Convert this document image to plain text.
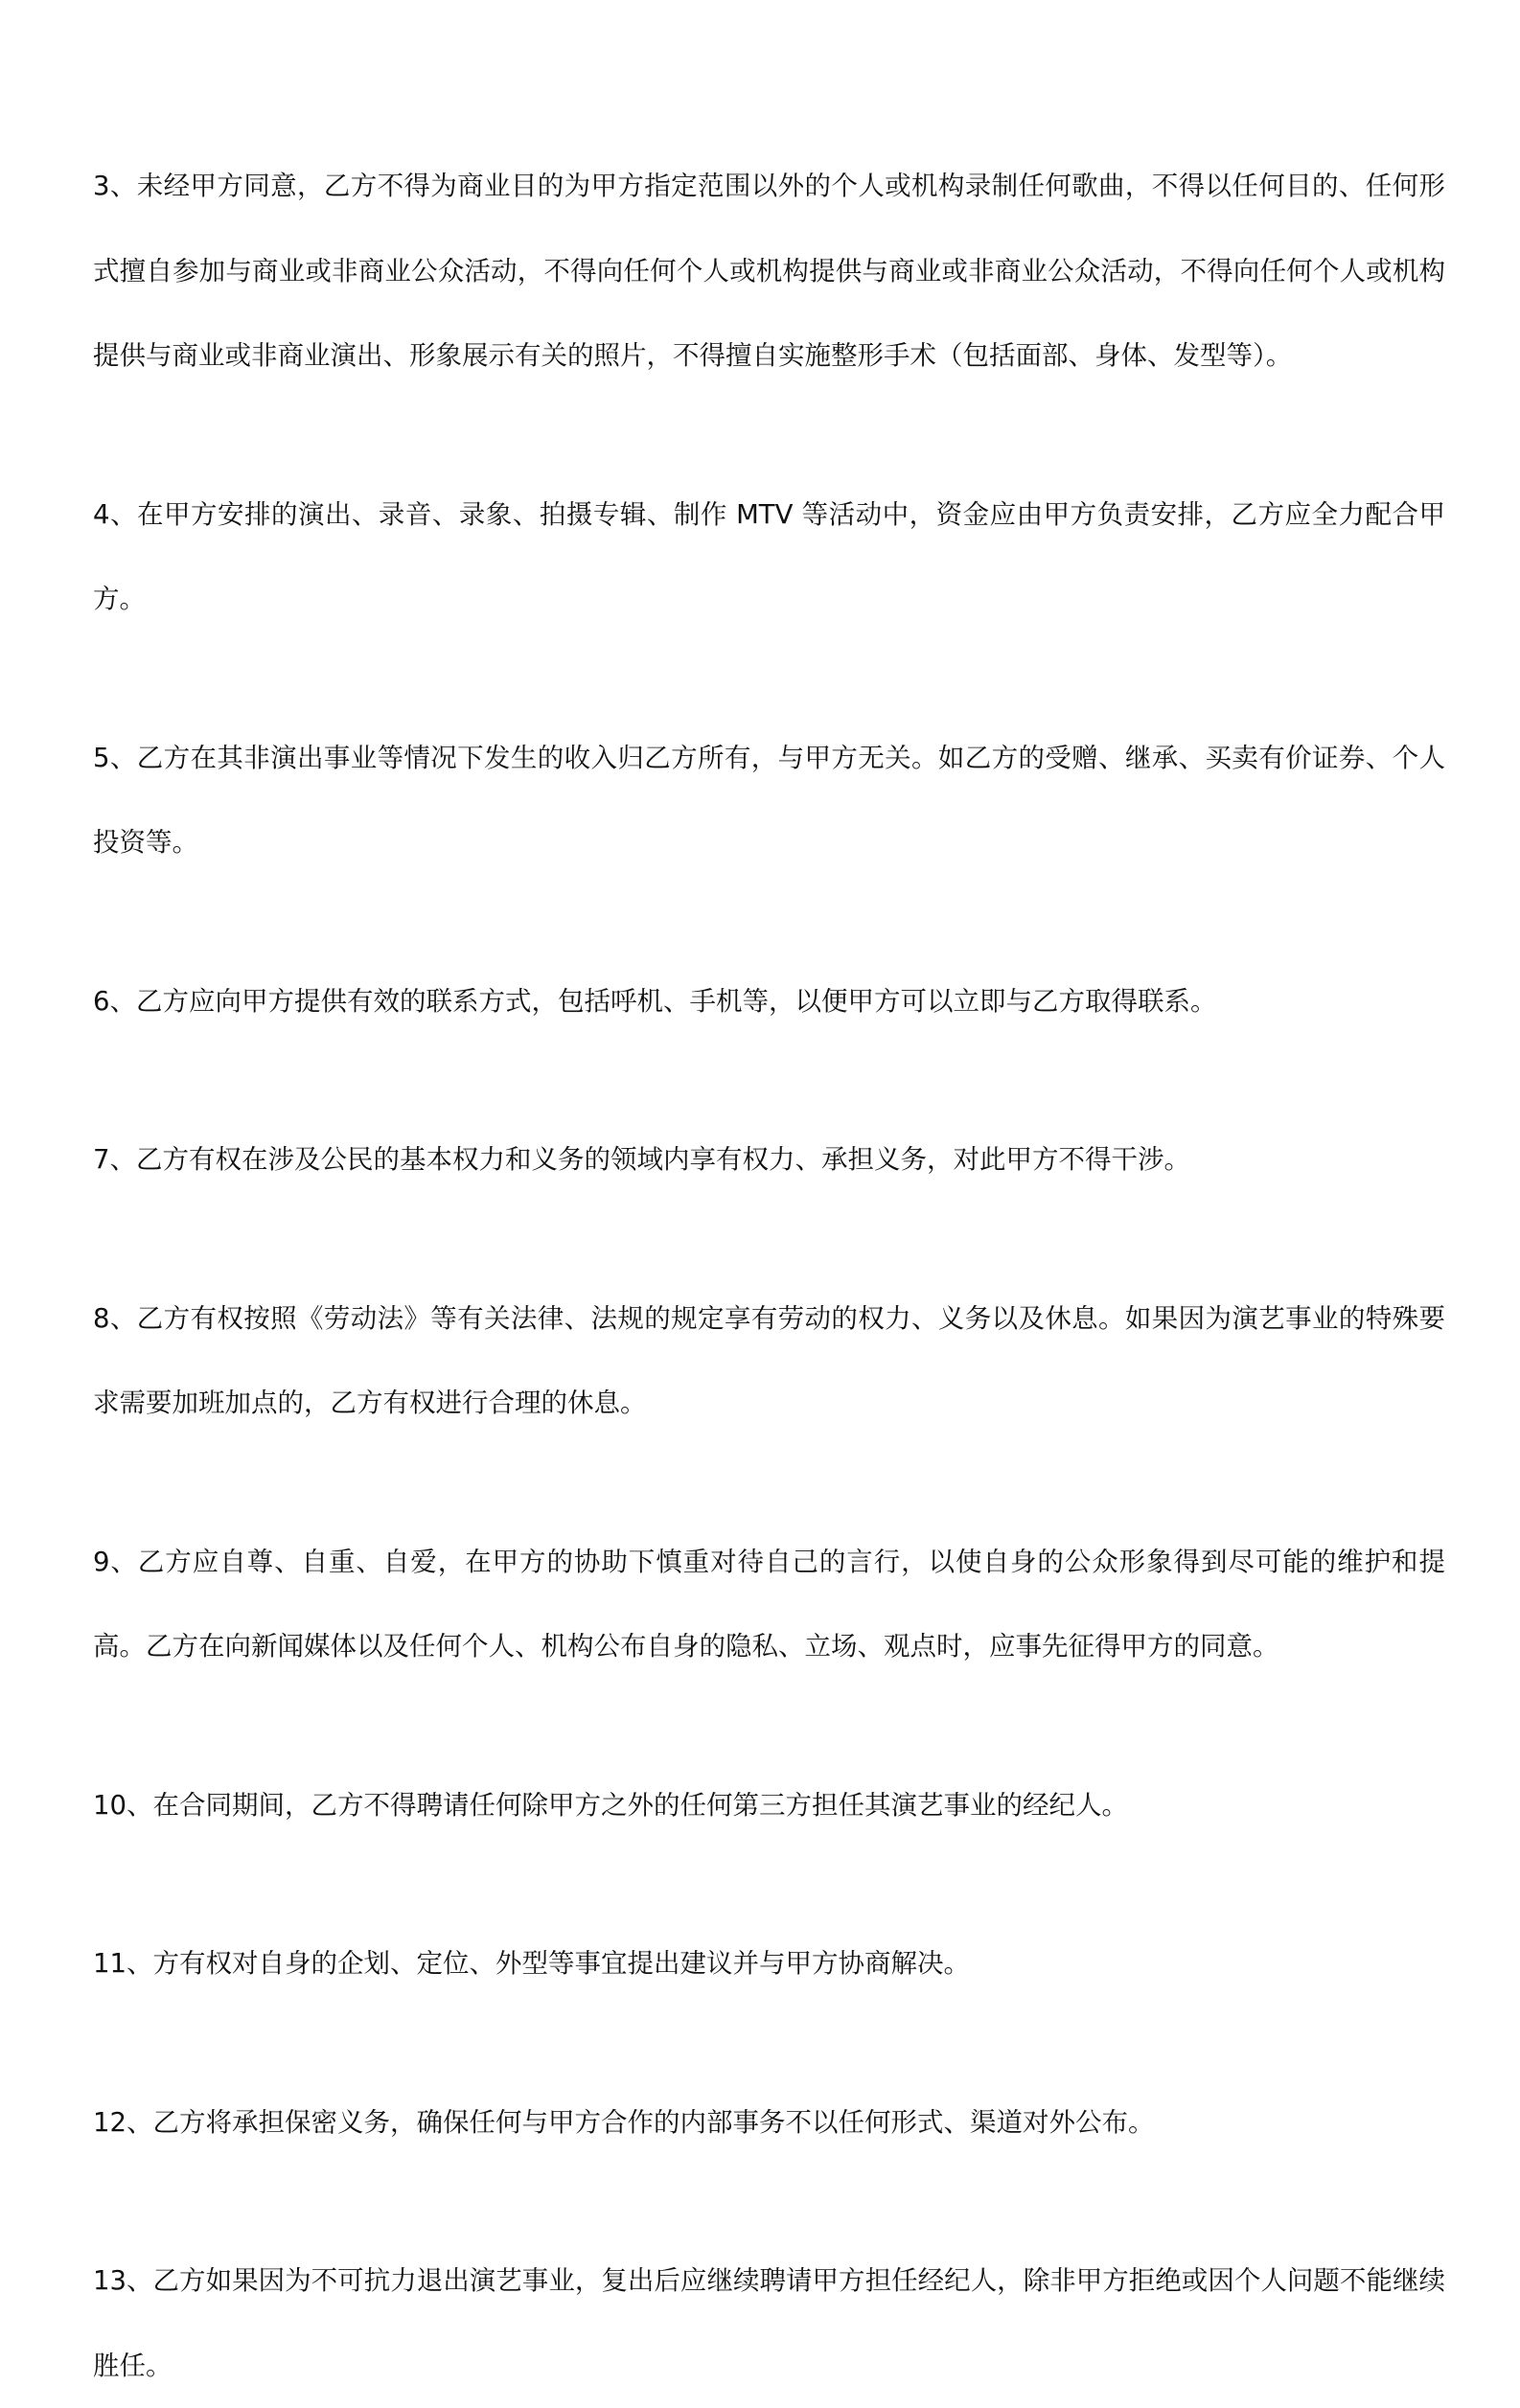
3、未经甲方同意，乙方不得为商业目的为甲方指定范围以外的个人或机构录制任何歌曲，不得以任何目的、任何形式擅自参加与商业或非商业公众活动，不得向任何个人或机构提供与商业或非商业公众活动，不得向任何个人或机构提供与商业或非商业演出、形象展示有关的照片，不得擅自实施整形手术（包括面部、身体、发型等）。

4、在甲方安排的演出、录音、录象、拍摄专辑、制作 MTV 等活动中，资金应由甲方负责安排，乙方应全力配合甲方。

5、乙方在其非演出事业等情况下发生的收入归乙方所有，与甲方无关。如乙方的受赠、继承、买卖有价证券、个人投资等。

6、乙方应向甲方提供有效的联系方式，包括呼机、手机等，以便甲方可以立即与乙方取得联系。

7、乙方有权在涉及公民的基本权力和义务的领域内享有权力、承担义务，对此甲方不得干涉。

8、乙方有权按照《劳动法》等有关法律、法规的规定享有劳动的权力、义务以及休息。如果因为演艺事业的特殊要求需要加班加点的，乙方有权进行合理的休息。

9、乙方应自尊、自重、自爱，在甲方的协助下慎重对待自己的言行，以使自身的公众形象得到尽可能的维护和提高。乙方在向新闻媒体以及任何个人、机构公布自身的隐私、立场、观点时，应事先征得甲方的同意。

10、在合同期间，乙方不得聘请任何除甲方之外的任何第三方担任其演艺事业的经纪人。

11、方有权对自身的企划、定位、外型等事宜提出建议并与甲方协商解决。

12、乙方将承担保密义务，确保任何与甲方合作的内部事务不以任何形式、渠道对外公布。

13、乙方如果因为不可抗力退出演艺事业，复出后应继续聘请甲方担任经纪人，除非甲方拒绝或因个人问题不能继续胜任。
